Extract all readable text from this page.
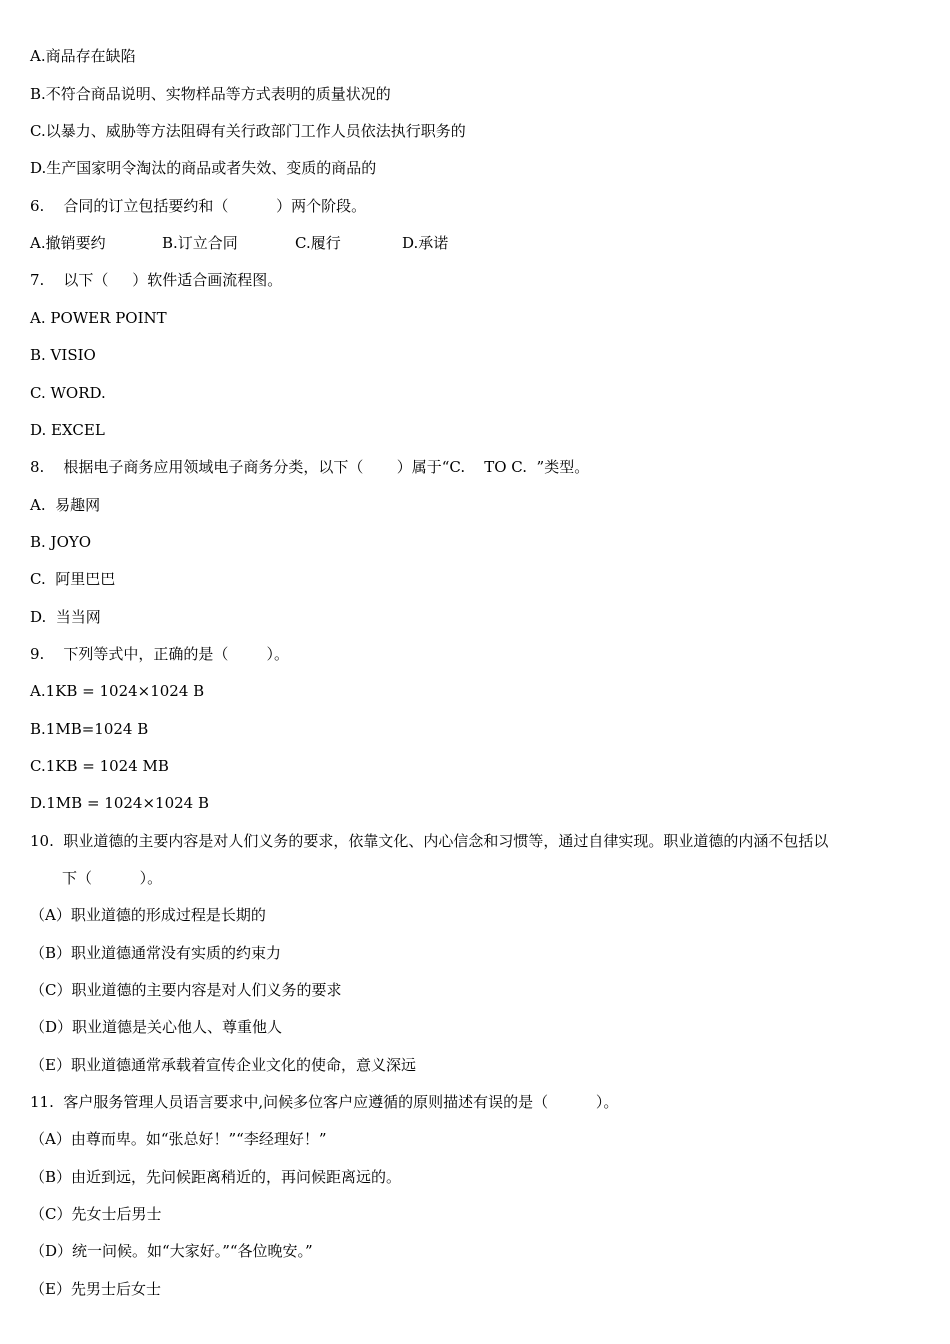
A.商品存在缺陷
B.不符合商品说明、实物样品等方式表明的质量状况的
C.以暴力、威胁等方法阻碍有关行政部门工作人员依法执行职务的
D.生产国家明令淘汰的商品或者失效、变质的商品的
6.    合同的订立包括要约和（          ）两个阶段。

A.撤销要约

	B.订立合同

	C.履行

	D.承诺

7.    以下（     ）软件适合画流程图。
A. POWER POINT
B. VISIO
C. WORD.
D. EXCEL
8.    根据电子商务应用领域电子商务分类，以下（       ）属于“C.    TO C.  ”类型。
A.  易趣网
B. JOYO
C.  阿里巴巴
D.  当当网
9.    下列等式中，正确的是（        ）。
A.1KB = 1024×1024 B
B.1MB=1024 B
C.1KB = 1024 MB
D.1MB = 1024×1024 B
10.  职业道德的主要内容是对人们义务的要求，依靠文化、内心信念和习惯等，通过自律实现。职业道德的内涵不包括以
下（          ）。
（A）职业道德的形成过程是长期的
（B）职业道德通常没有实质的约束力
（C）职业道德的主要内容是对人们义务的要求
（D）职业道德是关心他人、尊重他人
（E）职业道德通常承载着宣传企业文化的使命，意义深远
11.  客户服务管理人员语言要求中,问候多位客户应遵循的原则描述有误的是（          ）。
（A）由尊而卑。如“张总好！”“李经理好！”
（B）由近到远，先问候距离稍近的，再问候距离远的。
（C）先女士后男士
（D）统一问候。如“大家好。”“各位晚安。”
（E）先男士后女士
